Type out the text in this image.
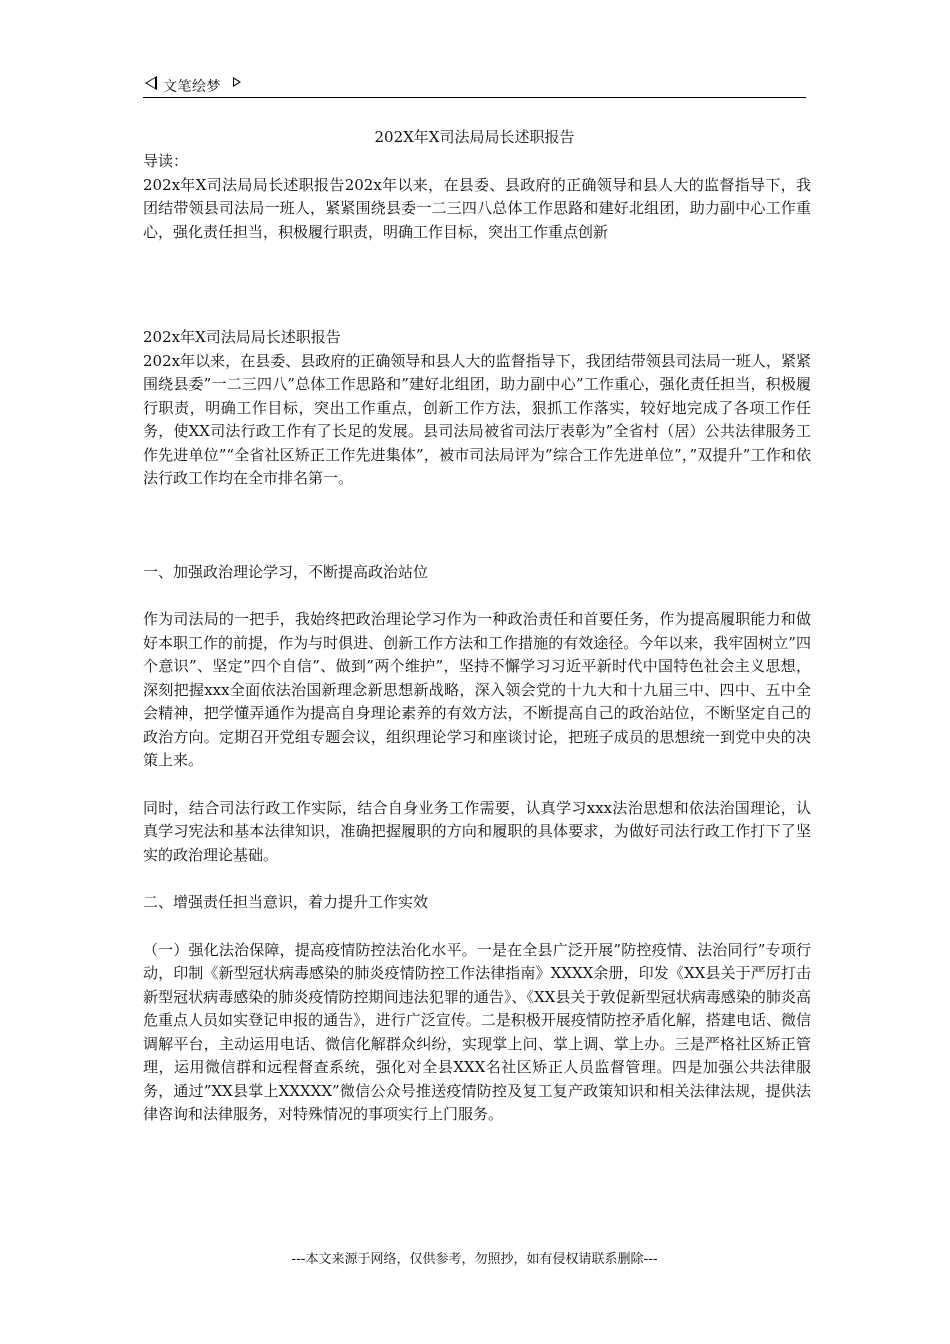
文笔绘梦
202X年X司法局局长述职报告

导读：

202x年X司法局局长述职报告202x年以来，在县委、县政府的正确领导和县人大的监督指导下，我团结带领县司法局一班人，紧紧围绕县委一二三四八总体工作思路和建好北组团，助力副中心工作重心，强化责任担当，积极履行职责，明确工作目标，突出工作重点创新

202x年X司法局局长述职报告

202x年以来，在县委、县政府的正确领导和县人大的监督指导下，我团结带领县司法局一班人，紧紧围绕县委”一二三四八”总体工作思路和”建好北组团，助力副中心”工作重心，强化责任担当，积极履行职责，明确工作目标，突出工作重点，创新工作方法，狠抓工作落实，较好地完成了各项工作任务，使XX司法行政工作有了长足的发展。县司法局被省司法厅表彰为”全省村（居）公共法律服务工作先进单位”“全省社区矫正工作先进集体”，被市司法局评为”综合工作先进单位”，”双提升”工作和依法行政工作均在全市排名第一。

一、加强政治理论学习，不断提高政治站位

作为司法局的一把手，我始终把政治理论学习作为一种政治责任和首要任务，作为提高履职能力和做好本职工作的前提，作为与时俱进、创新工作方法和工作措施的有效途径。今年以来，我牢固树立”四个意识”、坚定”四个自信”、做到”两个维护”，坚持不懈学习习近平新时代中国特色社会主义思想，深刻把握xxx全面依法治国新理念新思想新战略，深入领会党的十九大和十九届三中、四中、五中全会精神，把学懂弄通作为提高自身理论素养的有效方法，不断提高自己的政治站位，不断坚定自己的政治方向。定期召开党组专题会议，组织理论学习和座谈讨论，把班子成员的思想统一到党中央的决策上来。

同时，结合司法行政工作实际，结合自身业务工作需要，认真学习xxx法治思想和依法治国理论，认真学习宪法和基本法律知识，准确把握履职的方向和履职的具体要求，为做好司法行政工作打下了坚实的政治理论基础。

二、增强责任担当意识，着力提升工作实效

（一）强化法治保障，提高疫情防控法治化水平。一是在全县广泛开展”防控疫情、法治同行”专项行动，印制《新型冠状病毒感染的肺炎疫情防控工作法律指南》XXXX余册，印发《XX县关于严厉打击新型冠状病毒感染的肺炎疫情防控期间违法犯罪的通告》、《XX县关于敦促新型冠状病毒感染的肺炎高危重点人员如实登记申报的通告》，进行广泛宣传。二是积极开展疫情防控矛盾化解，搭建电话、微信调解平台，主动运用电话、微信化解群众纠纷，实现掌上问、掌上调、掌上办。三是严格社区矫正管理，运用微信群和远程督查系统，强化对全县XXX名社区矫正人员监督管理。四是加强公共法律服务，通过”XX县掌上XXXXX”微信公众号推送疫情防控及复工复产政策知识和相关法律法规，提供法律咨询和法律服务，对特殊情况的事项实行上门服务。

---本文来源于网络，仅供参考，勿照抄，如有侵权请联系删除---
